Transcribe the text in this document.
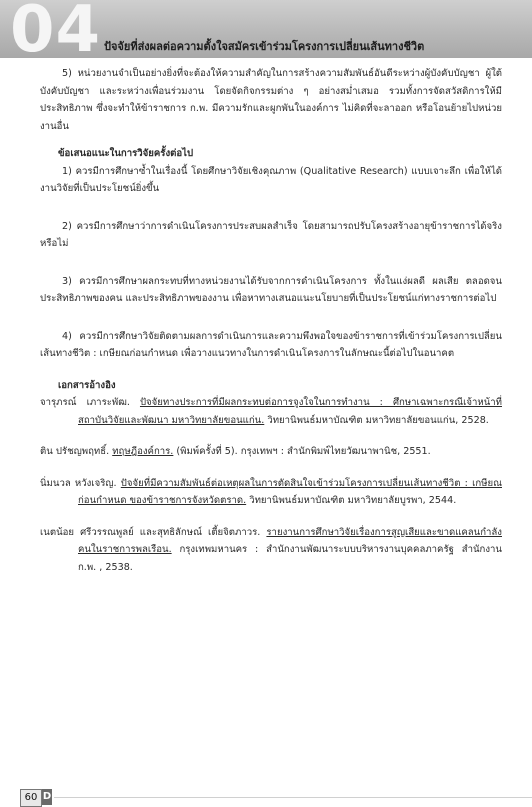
04 ปัจจัยที่ส่งผลต่อความตั้งใจสมัครเข้าร่วมโครงการเปลี่ยนเส้นทางชีวิต

5) หน่วยงานจำเป็นอย่างยิ่งที่จะต้องให้ความสำคัญในการสร้างความสัมพันธ์อันดีระหว่างผู้บังคับบัญชา ผู้ใต้บังคับบัญชา และระหว่างเพื่อนร่วมงาน โดยจัดกิจกรรมต่าง ๆ อย่างสม่ำเสมอ รวมทั้งการจัดสวัสดิการให้มีประสิทธิภาพ ซึ่งจะทำให้ข้าราชการ ก.พ. มีความรักและผูกพันในองค์การ ไม่คิดที่จะลาออก หรือโอนย้ายไปหน่วยงานอื่น

ข้อเสนอแนะในการวิจัยครั้งต่อไป

1) ควรมีการศึกษาซ้ำในเรื่องนี้ โดยศึกษาวิจัยเชิงคุณภาพ (Qualitative Research) แบบเจาะลึก เพื่อให้ได้งานวิจัยที่เป็นประโยชน์ยิ่งขึ้น

2) ควรมีการศึกษาว่าการดำเนินโครงการประสบผลสำเร็จ โดยสามารถปรับโครงสร้างอายุข้าราชการได้จริงหรือไม่

3) ควรมีการศึกษาผลกระทบที่ทางหน่วยงานได้รับจากการดำเนินโครงการ ทั้งในแง่ผลดี ผลเสีย ตลอดจนประสิทธิภาพของคน และประสิทธิภาพของงาน เพื่อหาทางเสนอแนะนโยบายที่เป็นประโยชน์แก่ทางราชการต่อไป

4) ควรมีการศึกษาวิจัยติดตามผลการดำเนินการและความพึงพอใจของข้าราชการที่เข้าร่วมโครงการเปลี่ยนเส้นทางชีวิต : เกษียณก่อนกำหนด เพื่อวางแนวทางในการดำเนินโครงการในลักษณะนี้ต่อไปในอนาคต

เอกสารอ้างอิง

จารุภรณ์ เภาระพัฒ. ปัจจัยทางประการที่มีผลกระทบต่อการจูงใจในการทำงาน : ศึกษาเฉพาะกรณีเจ้าหน้าที่สถาบันวิจัยและพัฒนา มหาวิทยาลัยขอนแก่น. วิทยานิพนธ์มหาบัณฑิต มหาวิทยาลัยขอนแก่น, 2528.

ติน ปรัชญพฤทธิ์. ทฤษฎีองค์การ. (พิมพ์ครั้งที่ 5). กรุงเทพฯ : สำนักพิมพ์ไทยวัฒนาพานิช, 2551.

นิ่มนวล หวังเจริญ. ปัจจัยที่มีความสัมพันธ์ต่อเหตุผลในการตัดสินใจเข้าร่วมโครงการเปลี่ยนเส้นทางชีวิต : เกษียณก่อนกำหนด ของข้าราชการจังหวัดตราด. วิทยานิพนธ์มหาบัณฑิต มหาวิทยาลัยบูรพา, 2544.

เนตน้อย ศรีวรรณพูลย์ และสุทธิลักษณ์ เตี้ยจิตภาวร. รายงานการศึกษาวิจัยเรื่องการสูญเสียและขาดแคลนกำลังคนในราชการพลเรือน. กรุงเทพมหานคร : สำนักงานพัฒนาระบบบริหารงานบุคคลภาครัฐ สำนักงาน ก.พ. , 2538.

60 D
